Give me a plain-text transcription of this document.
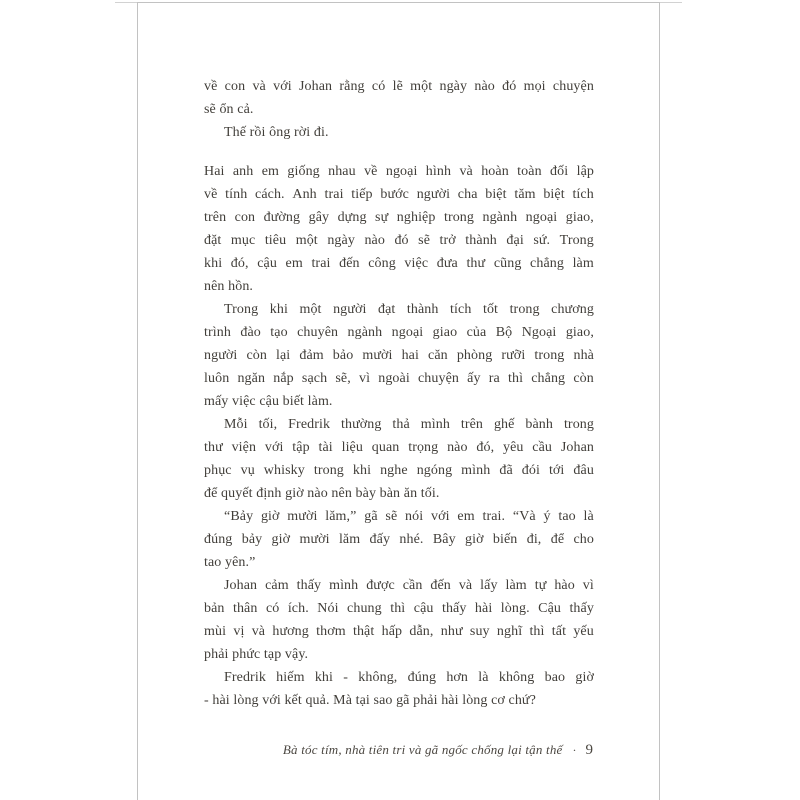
về con và với Johan rằng có lẽ một ngày nào đó mọi chuyện
sẽ ổn cả.
Thế rồi ông rời đi.
Hai anh em giống nhau về ngoại hình và hoàn toàn đối lập
về tính cách. Anh trai tiếp bước người cha biệt tăm biệt tích
trên con đường gây dựng sự nghiệp trong ngành ngoại giao,
đặt mục tiêu một ngày nào đó sẽ trở thành đại sứ. Trong
khi đó, cậu em trai đến công việc đưa thư cũng chẳng làm
nên hồn.
Trong khi một người đạt thành tích tốt trong chương
trình đào tạo chuyên ngành ngoại giao của Bộ Ngoại giao,
người còn lại đảm bảo mười hai căn phòng rưỡi trong nhà
luôn ngăn nắp sạch sẽ, vì ngoài chuyện ấy ra thì chẳng còn
mấy việc cậu biết làm.
Mỗi tối, Fredrik thường thả mình trên ghế bành trong
thư viện với tập tài liệu quan trọng nào đó, yêu cầu Johan
phục vụ whisky trong khi nghe ngóng mình đã đói tới đâu
để quyết định giờ nào nên bày bàn ăn tối.
“Bảy giờ mười lăm,” gã sẽ nói với em trai. “Và ý tao là
đúng bảy giờ mười lăm đấy nhé. Bây giờ biến đi, để cho
tao yên.”
Johan cảm thấy mình được cần đến và lấy làm tự hào vì
bản thân có ích. Nói chung thì cậu thấy hài lòng. Cậu thấy
mùi vị và hương thơm thật hấp dẫn, như suy nghĩ thì tất yếu
phải phức tạp vậy.
Fredrik hiếm khi - không, đúng hơn là không bao giờ
- hài lòng với kết quả. Mà tại sao gã phải hài lòng cơ chứ?
Bà tóc tím, nhà tiên tri và gã ngốc chống lại tận thế · 9
